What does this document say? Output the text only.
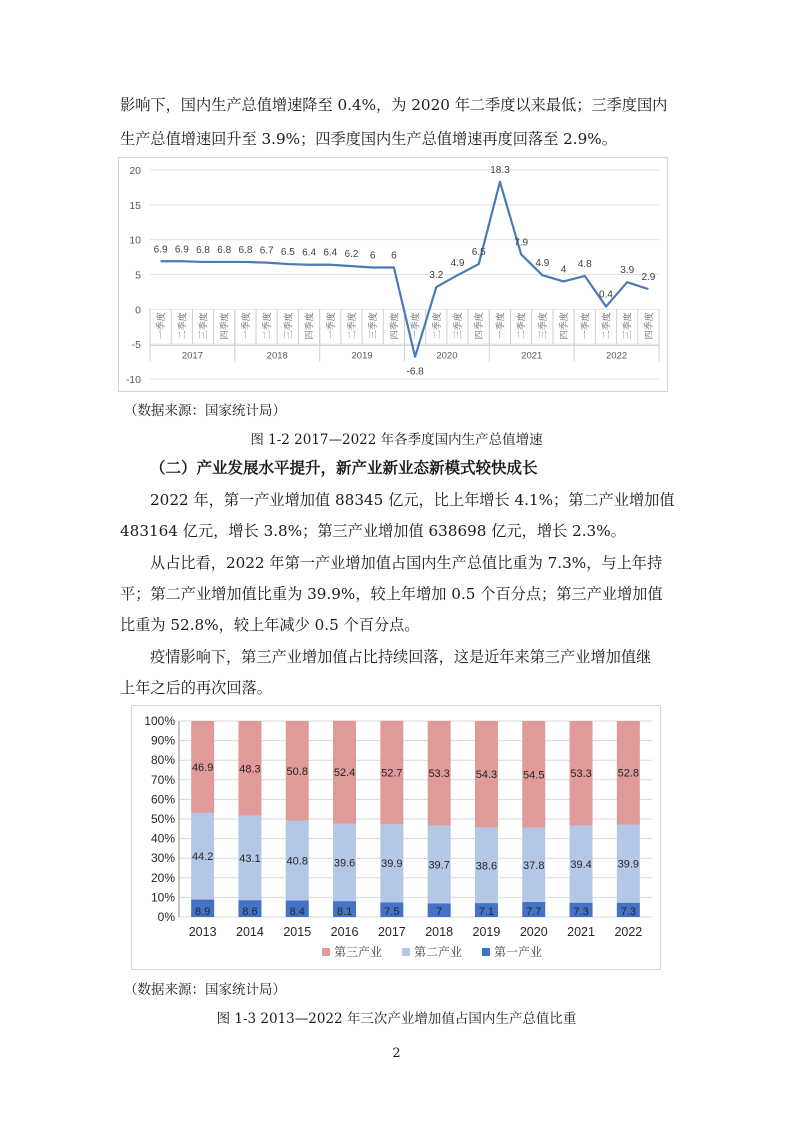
影响下，国内生产总值增速降至 0.4%，为 2020 年二季度以来最低；三季度国内

生产总值增速回升至 3.9%；四季度国内生产总值增速再度回落至 2.9%。

20
15
10
5
0
-5
-10
一季度 二季度 三季度 四季度 一季度 二季度 三季度 四季度 一季度 二季度 三季度 四季度 一季度 二季度 三季度 四季度 一季度 二季度 三季度 四季度 一季度 二季度 三季度 四季度
2017	2018	2019	2020	2021	2022
6.9 6.9 6.8 6.8 6.8 6.7 6.5 6.4 6.4 6.2 6 6
-6.8
3.2
4.9
6.5
18.3
7.9
4.9
4
4.8
0.4
3.9
2.9
（数据来源：国家统计局）
图 1-2 2017—2022 年各季度国内生产总值增速
（二）产业发展水平提升，新产业新业态新模式较快成长

2022 年，第一产业增加值 88345 亿元，比上年增长 4.1%；第二产业增加值

483164 亿元，增长 3.8%；第三产业增加值 638698 亿元，增长 2.3%。

从占比看，2022 年第一产业增加值占国内生产总值比重为 7.3%，与上年持

平；第二产业增加值比重为 39.9%，较上年增加 0.5 个百分点；第三产业增加值

比重为 52.8%，较上年减少 0.5 个百分点。

疫情影响下，第三产业增加值占比持续回落，这是近年来第三产业增加值继

上年之后的再次回落。

100%
90%
80%
70%
60%
50%
40%
30%
20%
10%
0% 8.9
44.2
46.9
2013
8.6
43.1
48.3
2014
8.4
40.8
50.8
2015
8.1
39.6
52.4
2016
7.5
39.9
52.7
2017
7
39.7
53.3
2018
7.1
38.6
54.3
2019
7.7
37.8
54.5
2020
7.3
39.4
53.3
2021
7.3
39.9
52.8
2022
第三产业	第二产业	第一产业
（数据来源：国家统计局）
图 1-3 2013—2022 年三次产业增加值占国内生产总值比重
2
